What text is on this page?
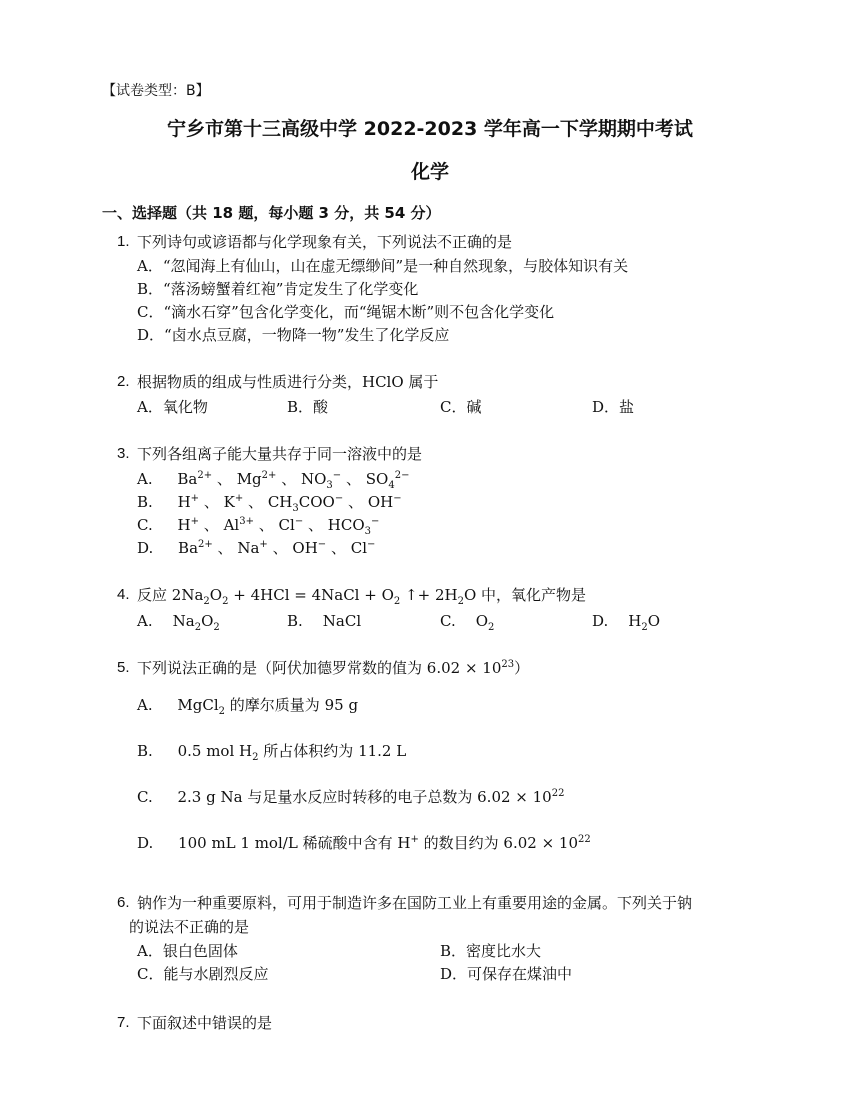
【试卷类型：B】
宁乡市第十三高级中学 2022-2023 学年高一下学期期中考试
化学
一、选择题（共 18 题，每小题 3 分，共 54 分）
1. 下列诗句或谚语都与化学现象有关，下列说法不正确的是
A．“忽闻海上有仙山，山在虚无缥缈间”是一种自然现象，与胶体知识有关
B．“落汤螃蟹着红袍”肯定发生了化学变化
C．“滴水石穿”包含化学变化，而“绳锯木断”则不包含化学变化
D．“卤水点豆腐，一物降一物”发生了化学反应
2. 根据物质的组成与性质进行分类，HClO 属于
A．氧化物	B．酸	C．碱	D．盐
3. 下列各组离子能大量共存于同一溶液中的是
A. $Ba^{2+}$ 、 $Mg^{2+}$ 、 $NO_3^-$ 、 $SO_4^{2-}$
B. H+ 、 K+ 、 $CH_3COO^-$ 、 OH−
C. H+ 、 $Al^{3+}$ 、 Cl− 、 $HCO_3^-$
D. $Ba^{2+}$ 、 Na+ 、 OH− 、 Cl−
4. 反应 $2Na_2O_2 + 4HCl$ = 4NaCl + $O_2$ ↑+ $2H_2O$ 中，氧化产物是
A. $Na_2O_2$	B. NaCl	C. $O_2$	D. $H_2O$
5. 下列说法正确的是（阿伏加德罗常数的值为 $6.02 \times 10^{23}$）
A. MgCl$_2$ 的摩尔质量为 95 g
B. 0.5 mol $H_2$ 所占体积约为 11.2 L
C. 2.3 g Na 与足量水反应时转移的电子总数为 $6.02 \times 10^{22}$
D. 100 mL 1 mol/L 稀硫酸中含有 H+ 的数目约为 $6.02 \times 10^{22}$
6. 钠作为一种重要原料，可用于制造许多在国防工业上有重要用途的金属。下列关于钠
的说法不正确的是
A．银白色固体	B．密度比水大
C．能与水剧烈反应	D．可保存在煤油中
7. 下面叙述中错误的是
